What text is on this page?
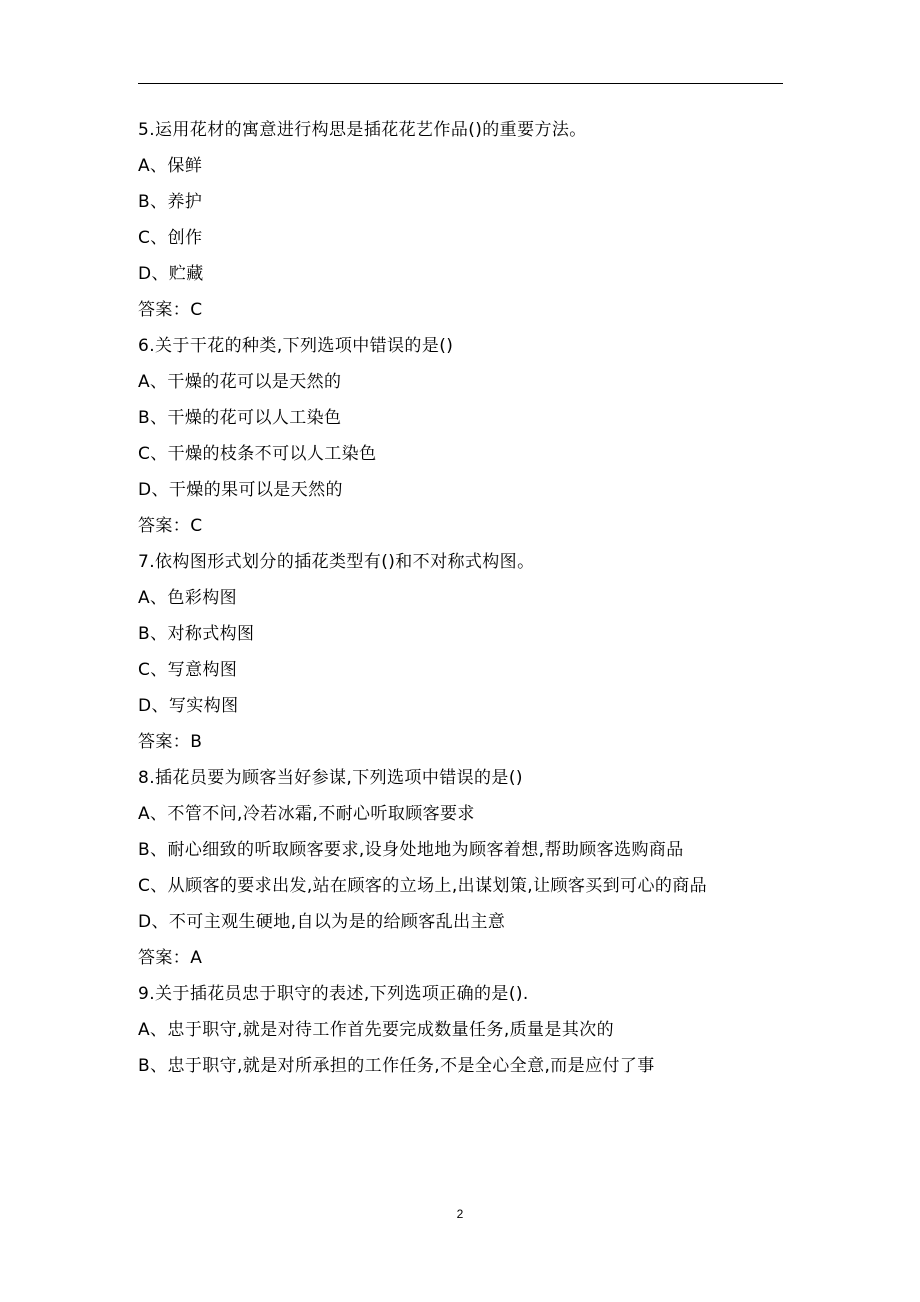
5.运用花材的寓意进行构思是插花花艺作品()的重要方法。
A、保鲜
B、养护
C、创作
D、贮藏
答案：C
6.关于干花的种类,下列选项中错误的是()
A、干燥的花可以是天然的
B、干燥的花可以人工染色
C、干燥的枝条不可以人工染色
D、干燥的果可以是天然的
答案：C
7.依构图形式划分的插花类型有()和不对称式构图。
A、色彩构图
B、对称式构图
C、写意构图
D、写实构图
答案：B
8.插花员要为顾客当好参谋,下列选项中错误的是()
A、不管不问,冷若冰霜,不耐心听取顾客要求
B、耐心细致的听取顾客要求,设身处地地为顾客着想,帮助顾客选购商品
C、从顾客的要求出发,站在顾客的立场上,出谋划策,让顾客买到可心的商品
D、不可主观生硬地,自以为是的给顾客乱出主意
答案：A
9.关于插花员忠于职守的表述,下列选项正确的是().
A、忠于职守,就是对待工作首先要完成数量任务,质量是其次的
B、忠于职守,就是对所承担的工作任务,不是全心全意,而是应付了事
2
